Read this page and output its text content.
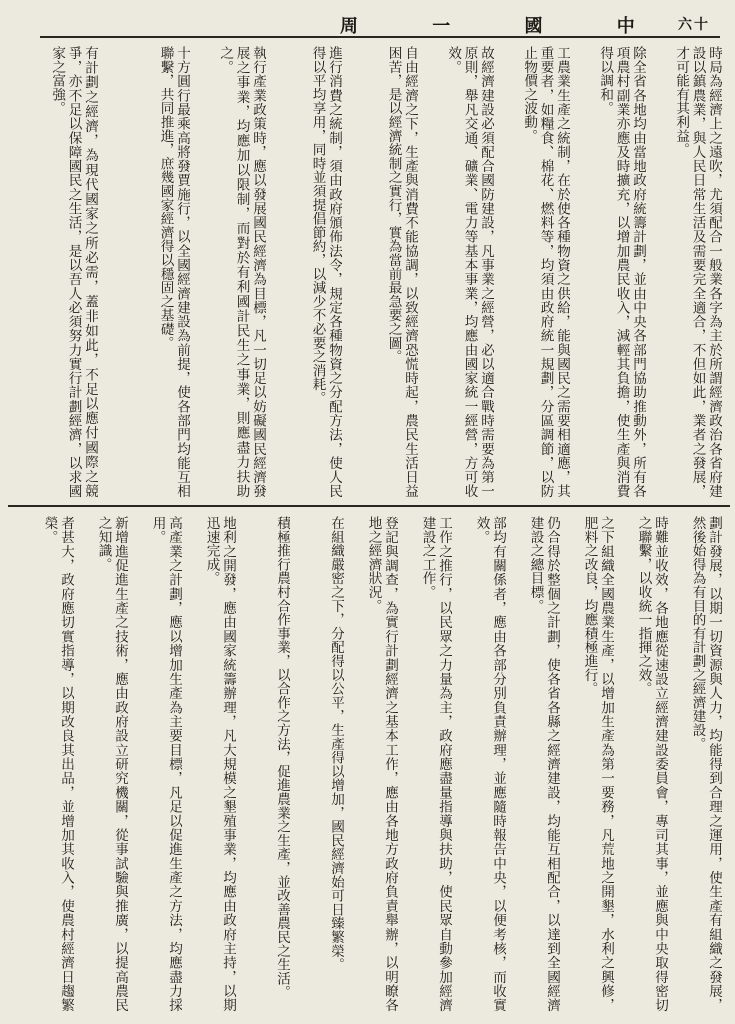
周 一 國 中 六十
時局為經濟上之遠吹，尤須配合一般業各字為主於所謂經濟政治各省府建設以鎮農業，與人民日常生活及需要完全適合，不但如此，業者之發展，才可能有其利益。
除全省各地均由當地政府統籌計劃，並由中央各部門協助推動外，所有各項農村副業亦應及時擴充，以增加農民收入，減輕其負擔，使生產與消費得以調和。
工農業生產之統制，在於使各種物資之供給，能與國民之需要相適應，其重要者，如糧食、棉花、燃料等，均須由政府統一規劃，分區調節，以防止物價之波動。
故經濟建設必須配合國防建設，凡事業之經營，必以適合戰時需要為第一原則，舉凡交通、礦業、電力等基本事業，均應由國家統一經營，方可收效。
自由經濟之下，生產與消費不能協調，以致經濟恐慌時起，農民生活日益困苦，是以經濟統制之實行，實為當前最急要之圖。
進行消費之統制，須由政府頒佈法令，規定各種物資之分配方法，使人民得以平均享用，同時並須提倡節約，以減少不必要之消耗。
執行產業政策時，應以發展國民經濟為目標，凡一切足以妨礙國民經濟發展之事業，均應加以限制，而對於有利國計民生之事業，則應盡力扶助之。
十方圓行最乘高將發賈施行，以全國經濟建設為前提，使各部門均能互相聯繫，共同推進，庶幾國家經濟得以穩固之基礎。
有計劃之經濟，為現代國家之所必需，蓋非如此，不足以應付國際之競爭，亦不足以保障國民之生活，是以吾人必須努力實行計劃經濟，以求國家之富強。
劃計發展，以期一切資源與人力，均能得到合理之運用，使生產有組織之發展，然後始得為有目的有計劃之經濟建設。
時難並收效，各地應從速設立經濟建設委員會，專司其事，並應與中央取得密切之聯繫，以收統一指揮之效。
之下組織全國農業生產，以增加生產為第一要務，凡荒地之開墾，水利之興修，肥料之改良，均應積極進行。
仍合得於整個之計劃，使各省各縣之經濟建設，均能互相配合，以達到全國經濟建設之總目標。
部均有關係者，應由各部分別負責辦理，並應隨時報告中央，以便考核，而收實效。
工作之推行，以民眾之力量為主，政府應盡量指導與扶助，使民眾自動參加經濟建設之工作。
登記與調查，為實行計劃經濟之基本工作，應由各地方政府負責舉辦，以明瞭各地之經濟狀況。
在組織嚴密之下，分配得以公平，生產得以增加，國民經濟始可日臻繁榮。
積極推行農村合作事業，以合作之方法，促進農業之生產，並改善農民之生活。
地利之開發，應由國家統籌辦理，凡大規模之墾殖事業，均應由政府主持，以期迅速完成。
高產業之計劃，應以增加生產為主要目標，凡足以促進生產之方法，均應盡力採用。
新增進促進生產之技術，應由政府設立研究機關，從事試驗與推廣，以提高農民之知識。
者甚大，政府應切實指導，以期改良其出品，並增加其收入，使農村經濟日趨繁榮。
